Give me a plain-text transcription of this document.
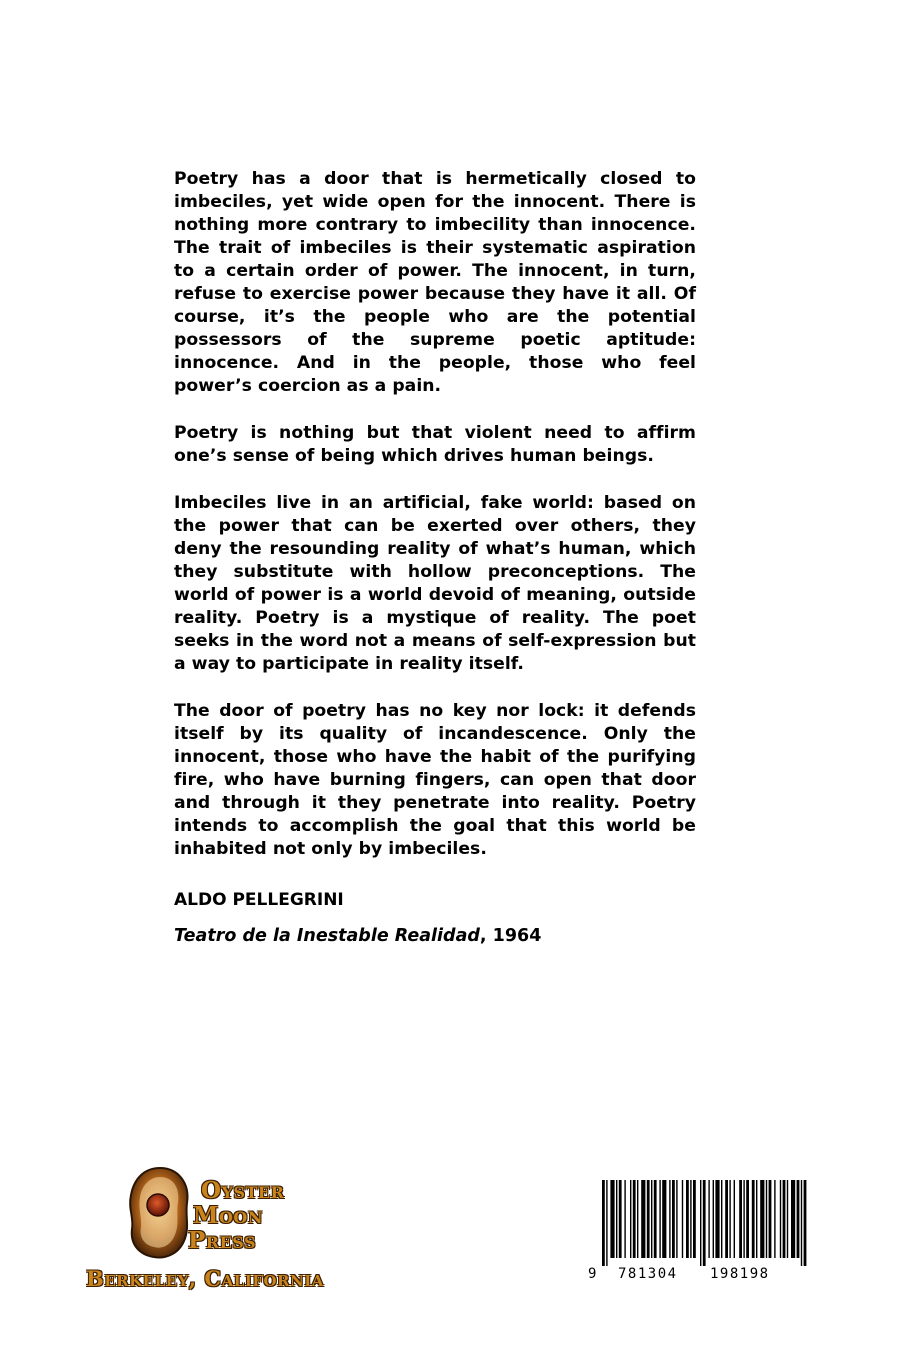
Poetry has a door that is hermetically closed to imbeciles, yet wide open for the innocent. There is nothing more contrary to imbecility than innocence. The trait of imbeciles is their systematic aspiration to a certain order of power. The innocent, in turn, refuse to exercise power because they have it all. Of course, it’s the people who are the potential possessors of the supreme poetic aptitude: innocence. And in the people, those who feel power’s coercion as a pain.

Poetry is nothing but that violent need to affirm one’s sense of being which drives human beings.

Imbeciles live in an artificial, fake world: based on the power that can be exerted over others, they deny the resounding reality of what’s human, which they substitute with hollow preconceptions. The world of power is a world devoid of meaning, outside reality. Poetry is a mystique of reality. The poet seeks in the word not a means of self-expression but a way to participate in reality itself.

The door of poetry has no key nor lock: it defends itself by its quality of incandescence. Only the innocent, those who have the habit of the purifying fire, who have burning fingers, can open that door and through it they penetrate into reality. Poetry intends to accomplish the goal that this world be inhabited not only by imbeciles.

ALDO PELLEGRINI

Teatro de la Inestable Realidad, 1964

Oyster
Moon
Press
Berkeley, California	9 781304 198198
